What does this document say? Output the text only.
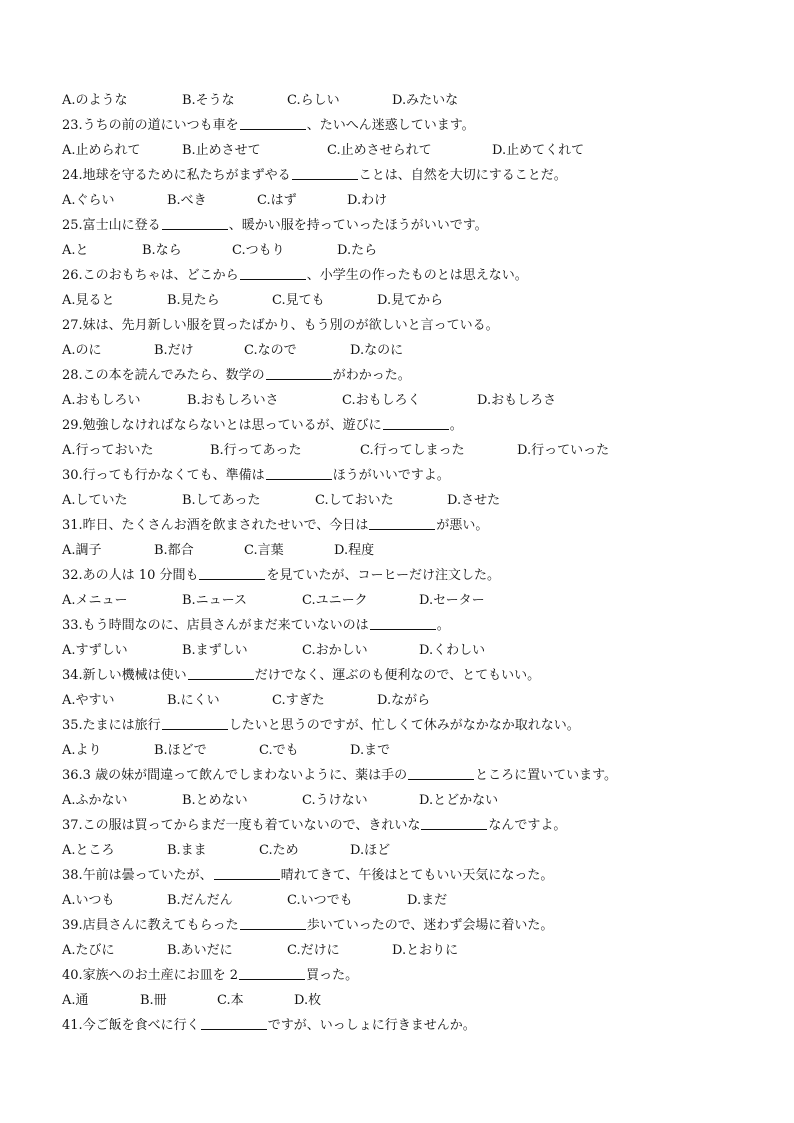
A.のような	B.そうな	C.らしい	D.みたいな
23.うちの前の道にいつも車を	、たいへん迷惑しています。
A.止められて	B.止めさせて	C.止めさせられて	D.止めてくれて
24.地球を守るために私たちがまずやる	ことは、自然を大切にすることだ。
A.ぐらい	B.べき	C.はず	D.わけ
25.富士山に登る	、暖かい服を持っていったほうがいいです。
A.と	B.なら	C.つもり	D.たら
26.このおもちゃは、どこから	、小学生の作ったものとは思えない。
A.見ると	B.見たら	C.見ても	D.見てから
27.妹は、先月新しい服を買ったばかり、もう別のが欲しいと言っている。
A.のに	B.だけ	C.なので	D.なのに
28.この本を読んでみたら、数学の	がわかった。
A.おもしろい	B.おもしろいさ	C.おもしろく	D.おもしろさ
29.勉強しなければならないとは思っているが、遊びに	。
A.行っておいた	B.行ってあった	C.行ってしまった	D.行っていった
30.行っても行かなくても、準備は	ほうがいいですよ。
A.していた	B.してあった	C.しておいた	D.させた
31.昨日、たくさんお酒を飲まされたせいで、今日は	が悪い。
A.調子	B.都合	C.言葉	D.程度
32.あの人は 10 分間も	を見ていたが、コーヒーだけ注文した。
A.メニュー	B.ニュース	C.ユニーク	D.セーター
33.もう時間なのに、店員さんがまだ来ていないのは	。
A.すずしい	B.まずしい	C.おかしい	D.くわしい
34.新しい機械は使い	だけでなく、運ぶのも便利なので、とてもいい。
A.やすい	B.にくい	C.すぎた	D.ながら
35.たまには旅行	したいと思うのですが、忙しくて休みがなかなか取れない。
A.より	B.ほどで	C.でも	D.まで
36.3 歳の妹が間違って飲んでしまわないように、薬は手の	ところに置いています。
A.ふかない	B.とめない	C.うけない	D.とどかない
37.この服は買ってからまだ一度も着ていないので、きれいな	なんですよ。
A.ところ	B.まま	C.ため	D.ほど
38.午前は曇っていたが、	晴れてきて、午後はとてもいい天気になった。
A.いつも	B.だんだん	C.いつでも	D.まだ
39.店員さんに教えてもらった	歩いていったので、迷わず会場に着いた。
A.たびに	B.あいだに	C.だけに	D.とおりに
40.家族へのお土産にお皿を 2	買った。
A.通	B.冊	C.本	D.枚
41.今ご飯を食べに行く	ですが、いっしょに行きませんか。
